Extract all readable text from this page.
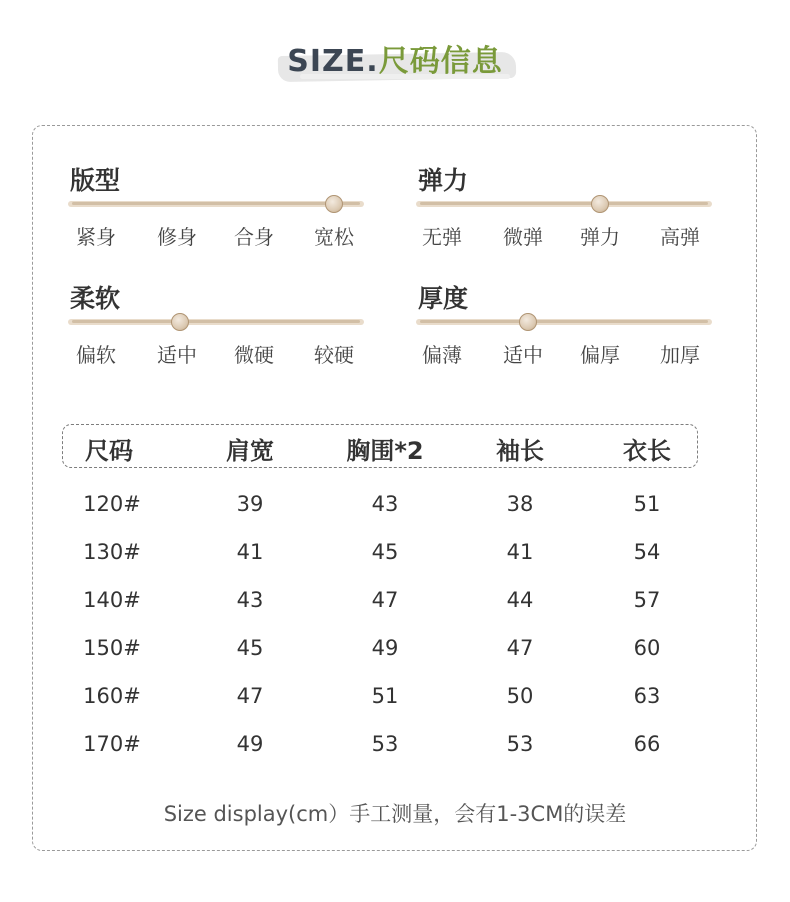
SIZE.尺码信息
版型
紧身 修身 合身 宽松
弹力
无弹 微弹 弹力 高弹
柔软
偏软 适中 微硬 较硬
厚度
偏薄 适中 偏厚 加厚
尺码	肩宽	胸围*2	袖长	衣长
120#	39	43	38	51
130#	41	45	41	54
140#	43	47	44	57
150#	45	49	47	60
160#	47	51	50	63
170#	49	53	53	66
Size display(cm）手工测量，会有1-3CM的误差
